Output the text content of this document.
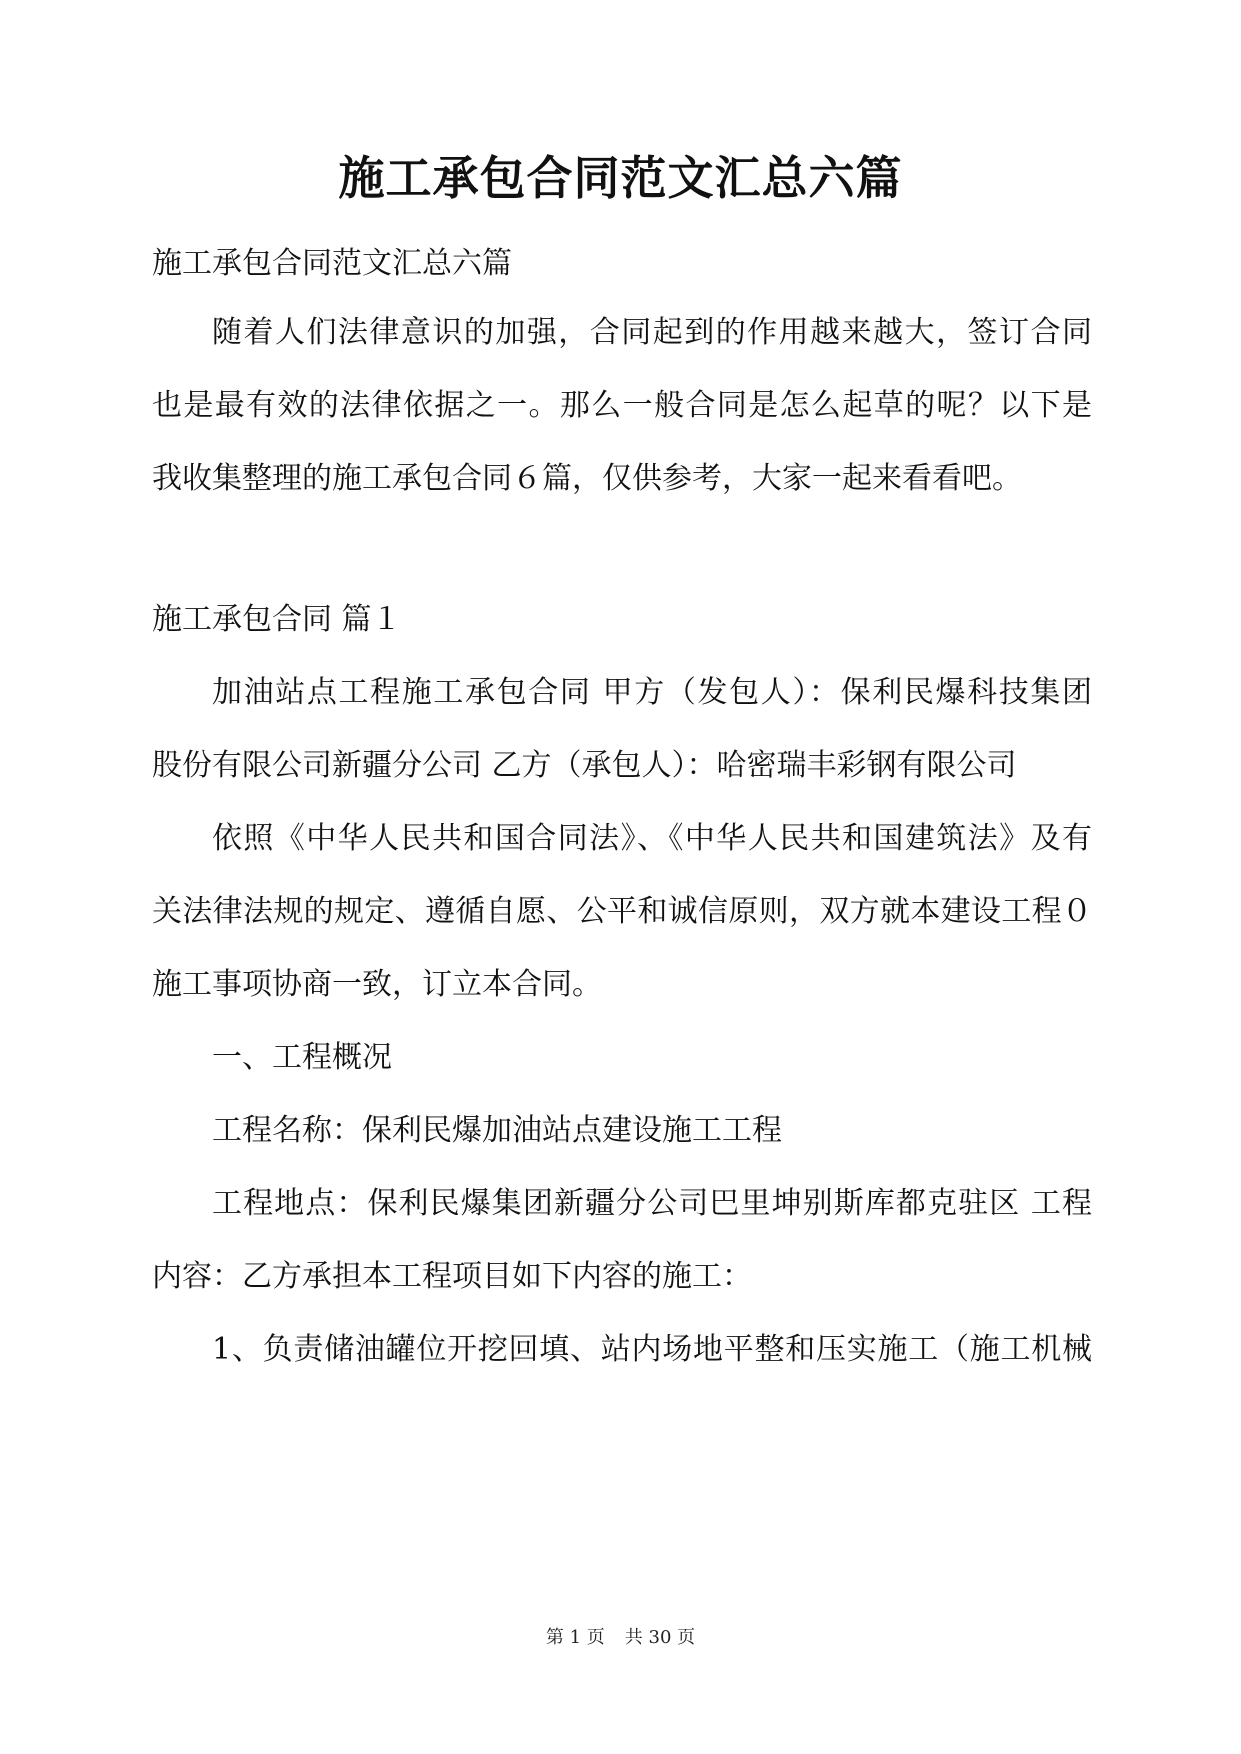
施工承包合同范文汇总六篇
施工承包合同范文汇总六篇
随着人们法律意识的加强，合同起到的作用越来越大，签订合同
也是最有效的法律依据之一。那么一般合同是怎么起草的呢？以下是
我收集整理的施工承包合同６篇，仅供参考，大家一起来看看吧。
施工承包合同 篇１
加油站点工程施工承包合同 甲方（发包人）：保利民爆科技集团
股份有限公司新疆分公司 乙方（承包人）：哈密瑞丰彩钢有限公司
依照《中华人民共和国合同法》、《中华人民共和国建筑法》及有
关法律法规的规定、遵循自愿、公平和诚信原则，双方就本建设工程０
施工事项协商一致，订立本合同。
一、工程概况
工程名称：保利民爆加油站点建设施工工程
工程地点：保利民爆集团新疆分公司巴里坤别斯库都克驻区 工程
内容：乙方承担本工程项目如下内容的施工：
1、负责储油罐位开挖回填、站内场地平整和压实施工（施工机械
第 1 页 共 30 页
